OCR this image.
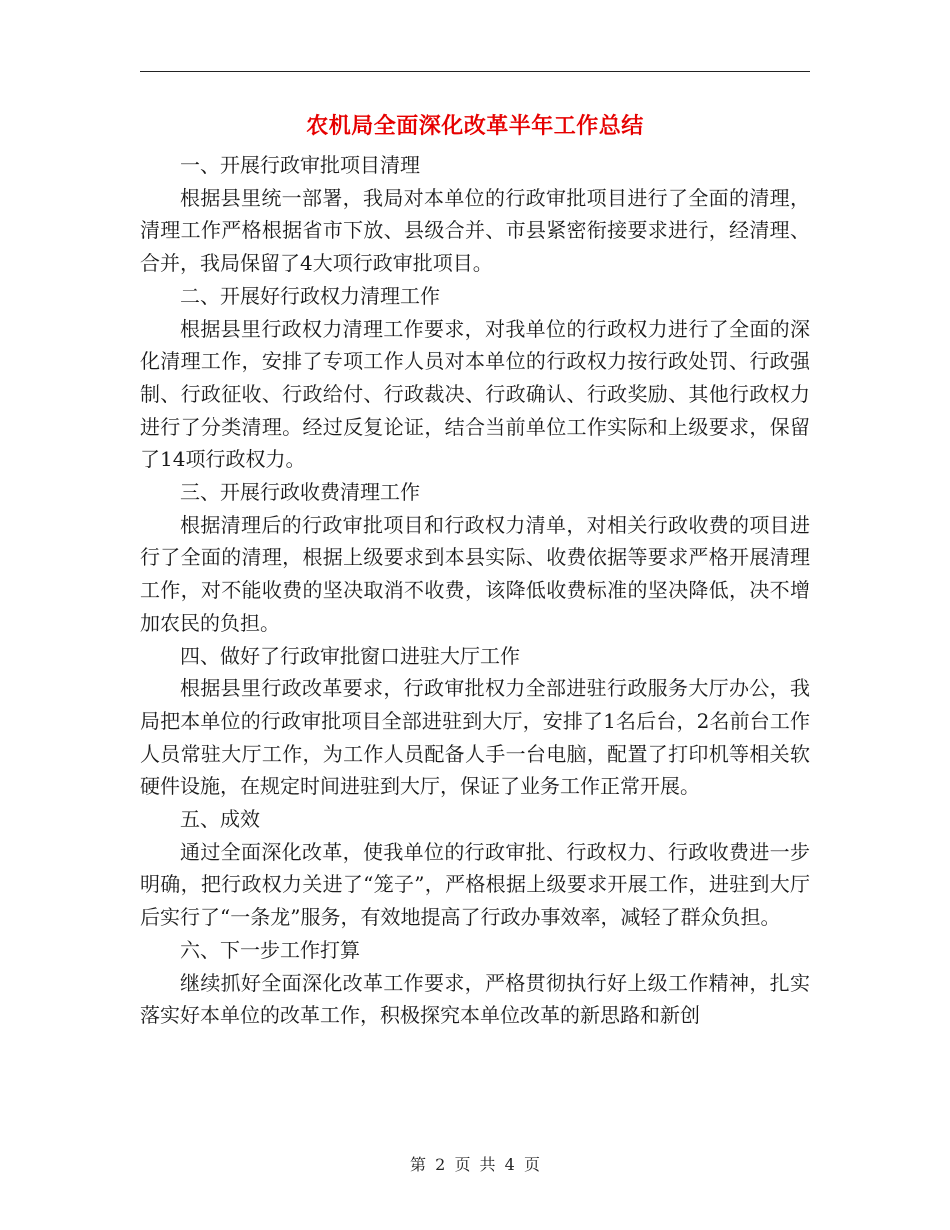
农机局全面深化改革半年工作总结

一、开展行政审批项目清理

根据县里统一部署，我局对本单位的行政审批项目进行了全面的清理，清理工作严格根据省市下放、县级合并、市县紧密衔接要求进行，经清理、合并，我局保留了4大项行政审批项目。

二、开展好行政权力清理工作

根据县里行政权力清理工作要求，对我单位的行政权力进行了全面的深化清理工作，安排了专项工作人员对本单位的行政权力按行政处罚、行政强制、行政征收、行政给付、行政裁决、行政确认、行政奖励、其他行政权力进行了分类清理。经过反复论证，结合当前单位工作实际和上级要求，保留了14项行政权力。

三、开展行政收费清理工作

根据清理后的行政审批项目和行政权力清单，对相关行政收费的项目进行了全面的清理，根据上级要求到本县实际、收费依据等要求严格开展清理工作，对不能收费的坚决取消不收费，该降低收费标准的坚决降低，决不增加农民的负担。

四、做好了行政审批窗口进驻大厅工作

根据县里行政改革要求，行政审批权力全部进驻行政服务大厅办公，我局把本单位的行政审批项目全部进驻到大厅，安排了1名后台，2名前台工作人员常驻大厅工作，为工作人员配备人手一台电脑，配置了打印机等相关软硬件设施，在规定时间进驻到大厅，保证了业务工作正常开展。

五、成效

通过全面深化改革，使我单位的行政审批、行政权力、行政收费进一步明确，把行政权力关进了“笼子”，严格根据上级要求开展工作，进驻到大厅后实行了“一条龙”服务，有效地提高了行政办事效率，减轻了群众负担。

六、下一步工作打算

继续抓好全面深化改革工作要求，严格贯彻执行好上级工作精神，扎实落实好本单位的改革工作，积极探究本单位改革的新思路和新创

第 2 页 共 4 页
